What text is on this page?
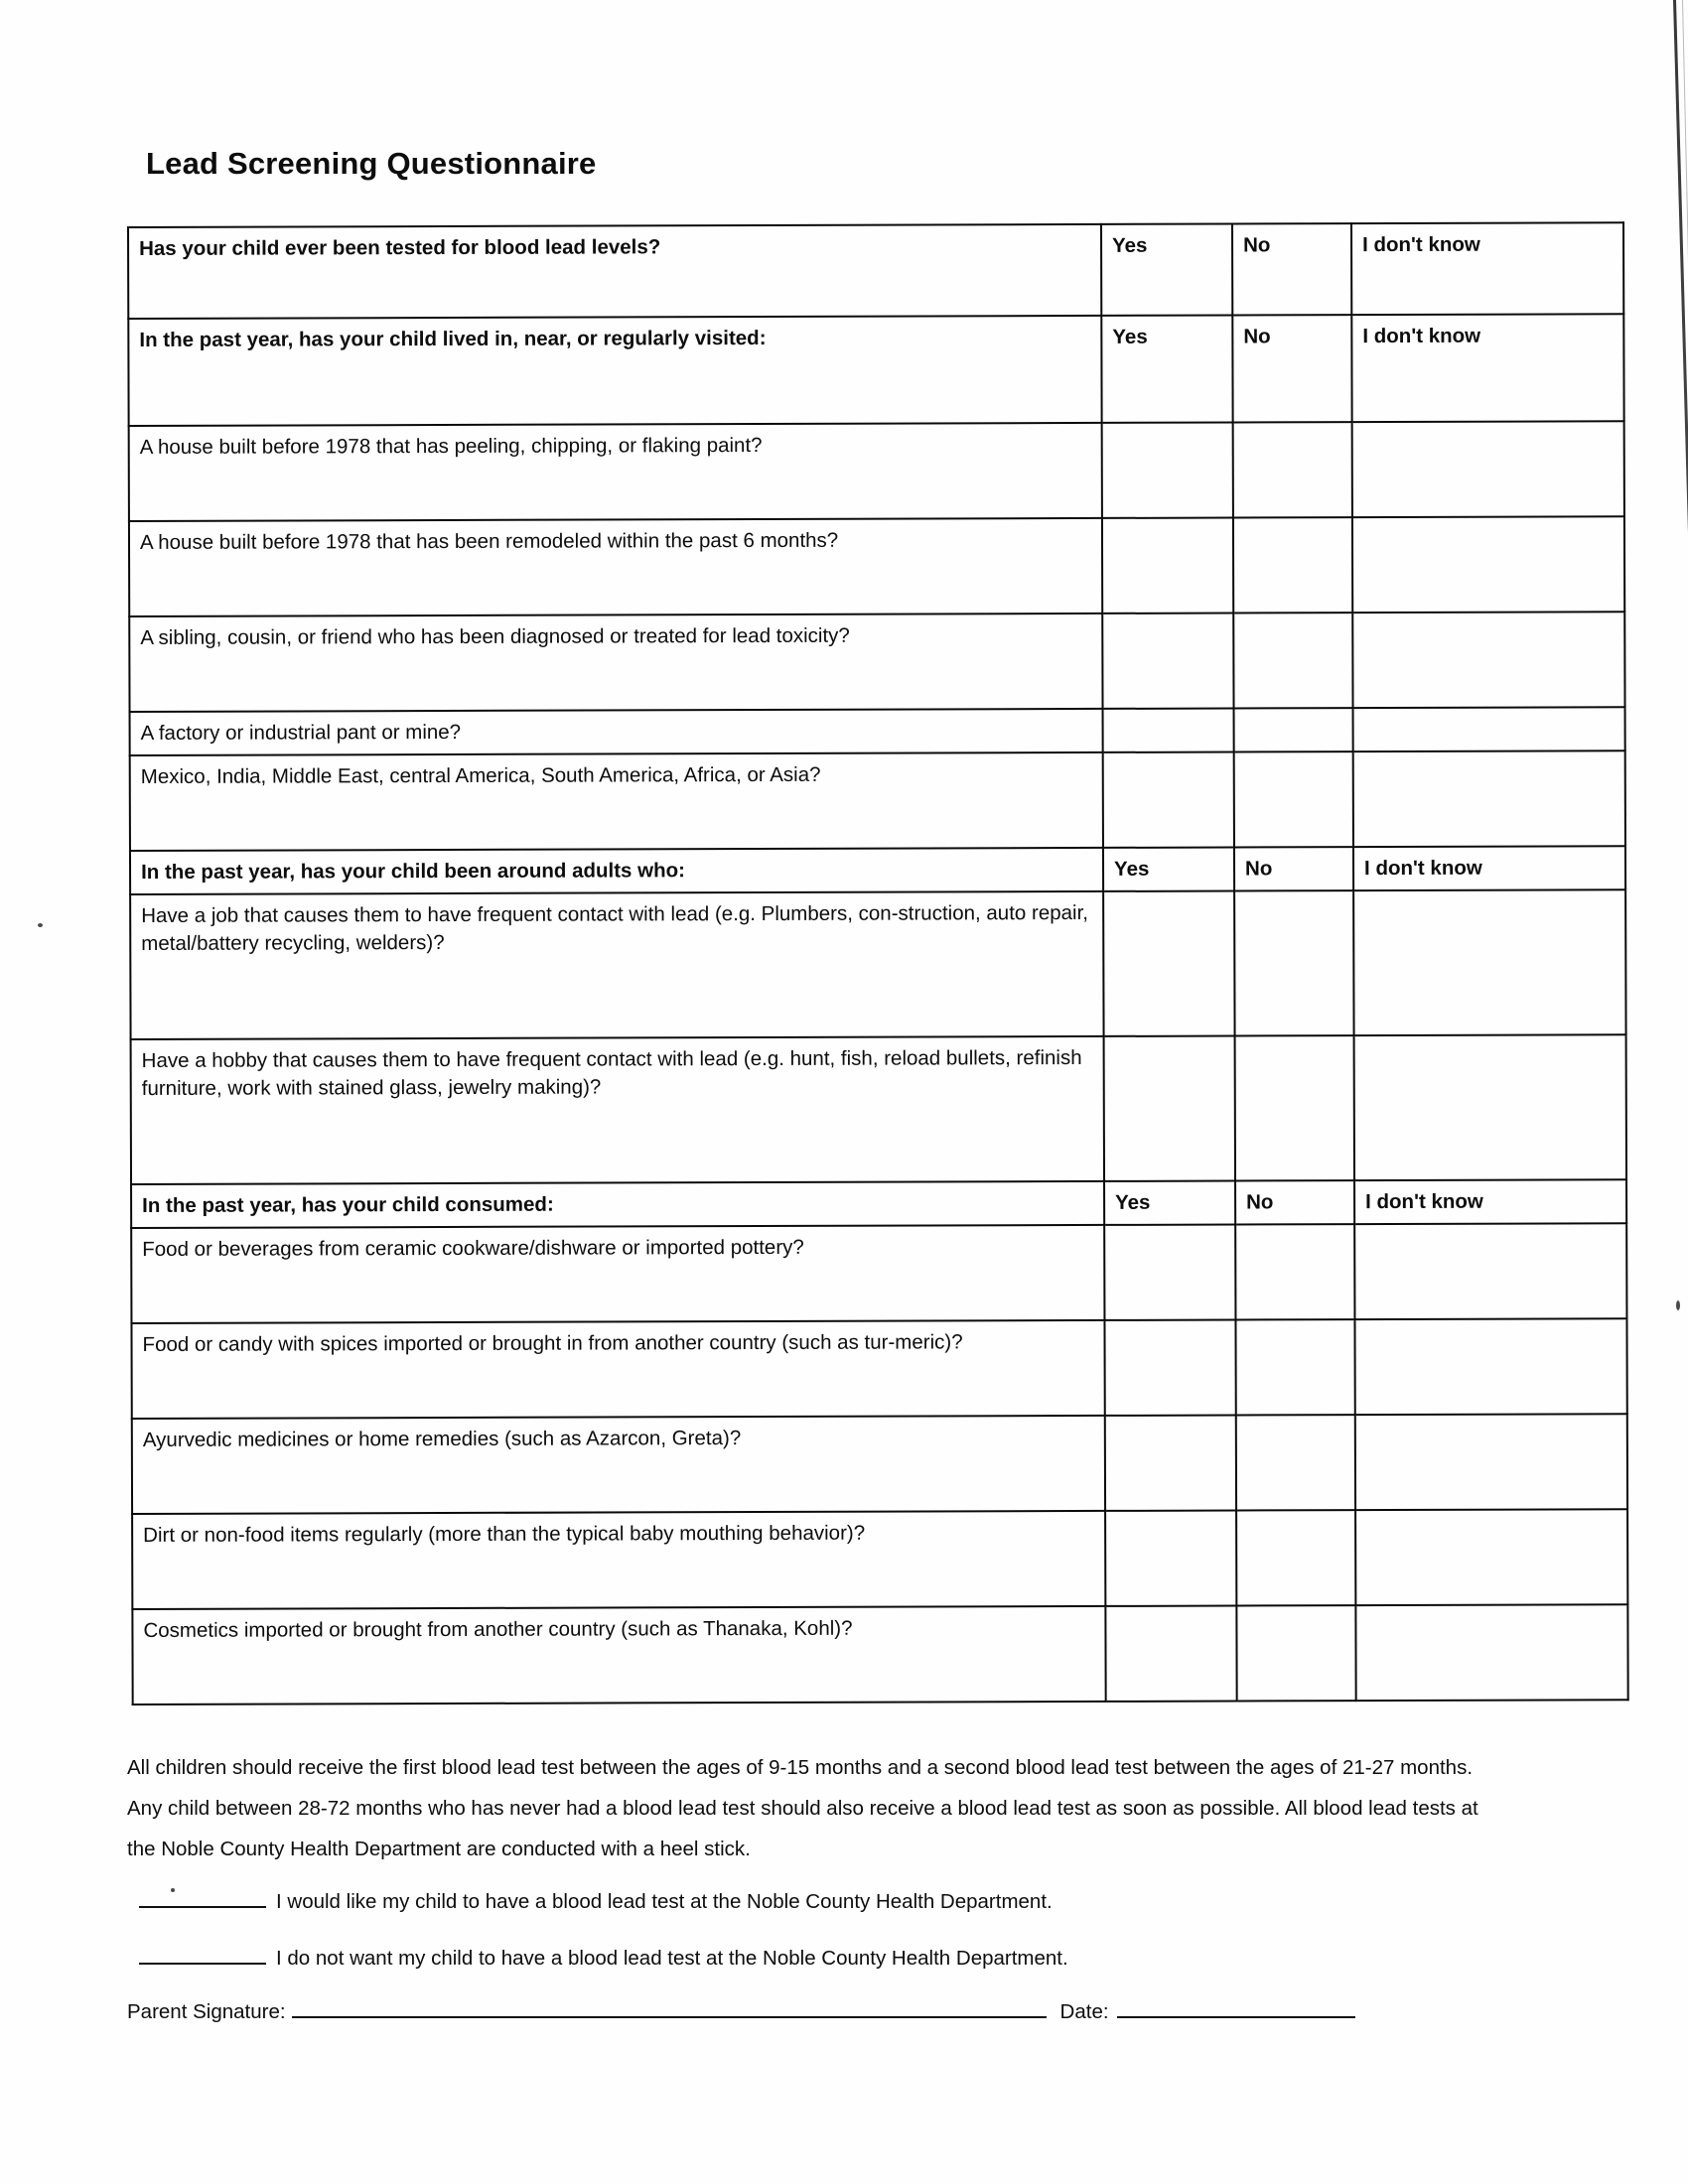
Lead Screening Questionnaire
Has your child ever been tested for blood lead levels?	Yes	No	I don't know
In the past year, has your child lived in, near, or regularly visited:	Yes	No	I don't know
A house built before 1978 that has peeling, chipping, or flaking paint?			
A house built before 1978 that has been remodeled within the past 6 months?			
A sibling, cousin, or friend who has been diagnosed or treated for lead toxicity?			
A factory or industrial pant or mine?			
Mexico, India, Middle East, central America, South America, Africa, or Asia?			
In the past year, has your child been around adults who:	Yes	No	I don't know
Have a job that causes them to have frequent contact with lead (e.g. Plumbers, con-struction, auto repair, metal/battery recycling, welders)?			
Have a hobby that causes them to have frequent contact with lead (e.g. hunt, fish, reload bullets, refinish furniture, work with stained glass, jewelry making)?			
In the past year, has your child consumed:	Yes	No	I don't know
Food or beverages from ceramic cookware/dishware or imported pottery?			
Food or candy with spices imported or brought in from another country (such as tur-meric)?			
Ayurvedic medicines or home remedies (such as Azarcon, Greta)?			
Dirt or non-food items regularly (more than the typical baby mouthing behavior)?			
Cosmetics imported or brought from another country (such as Thanaka, Kohl)?			

All children should receive the first blood lead test between the ages of 9-15 months and a second blood lead test between the ages of 21-27 months. Any child between 28-72 months who has never had a blood lead test should also receive a blood lead test as soon as possible. All blood lead tests at the Noble County Health Department are conducted with a heel stick.

I would like my child to have a blood lead test at the Noble County Health Department.
I do not want my child to have a blood lead test at the Noble County Health Department.
Parent Signature:	Date:
